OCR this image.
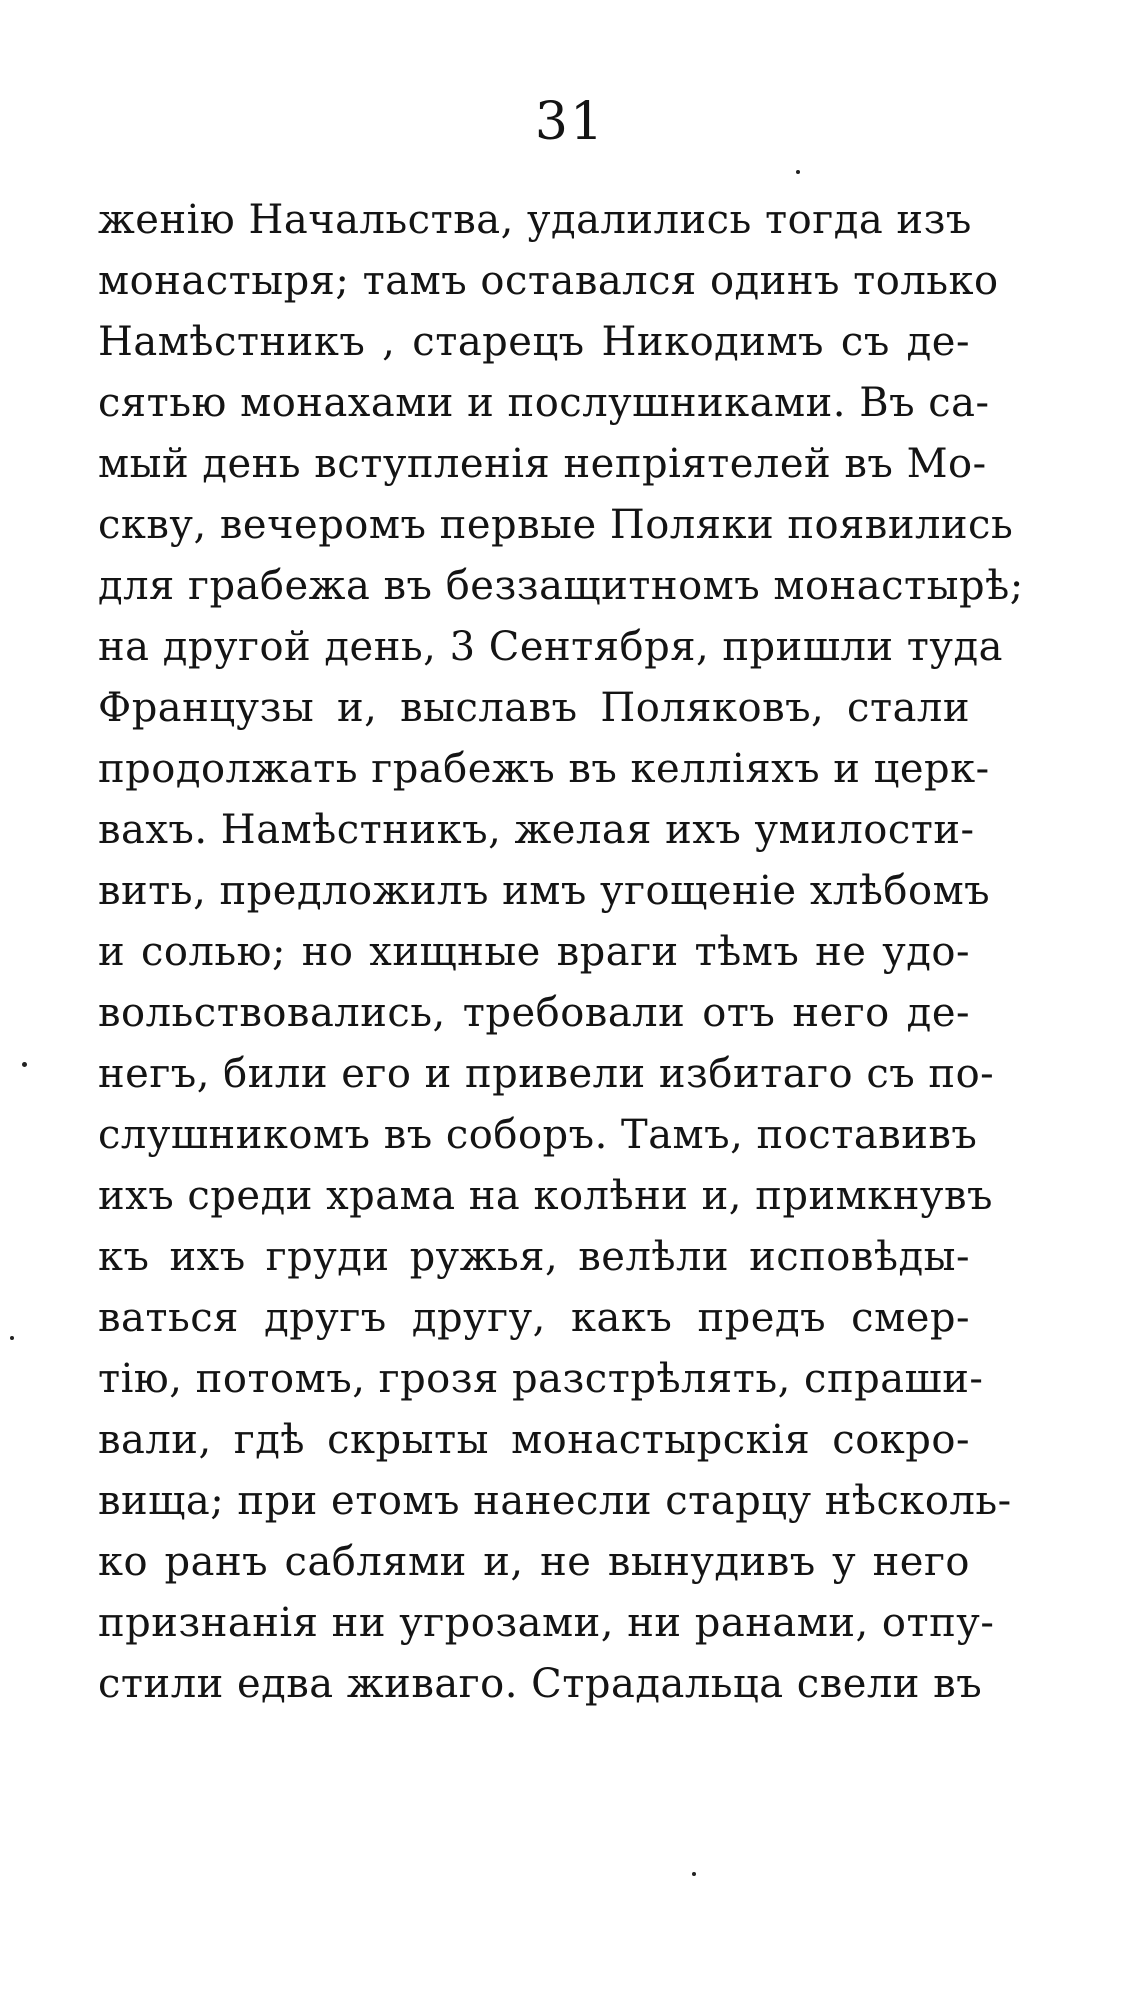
31
женію Начальства, удалились тогда изъ
монастыря; тамъ оставался одинъ только
Намѣстникъ , старецъ Никодимъ съ де-
сятью монахами и послушниками. Въ са-
мый день вступленія непріятелей въ Мо-
скву, вечеромъ первые Поляки появились
для грабежа въ беззащитномъ монастырѣ;
на другой день, 3 Сентября, пришли туда
Французы и, выславъ Поляковъ, стали
продолжать грабежъ въ келліяхъ и церк-
вахъ. Намѣстникъ, желая ихъ умилости-
вить, предложилъ имъ угощеніе хлѣбомъ
и солью; но хищные враги тѣмъ не удо-
вольствовались, требовали отъ него де-
негъ, били его и привели избитаго съ по-
слушникомъ въ соборъ. Тамъ, поставивъ
ихъ среди храма на колѣни и, примкнувъ
къ ихъ груди ружья, велѣли исповѣды-
ваться другъ другу, какъ предъ смер-
тію, потомъ, грозя разстрѣлять, спраши-
вали, гдѣ скрыты монастырскія сокро-
вища; при етомъ нанесли старцу нѣсколь-
ко ранъ саблями и, не вынудивъ у него
признанія ни угрозами, ни ранами, отпу-
стили едва живаго. Страдальца свели въ
